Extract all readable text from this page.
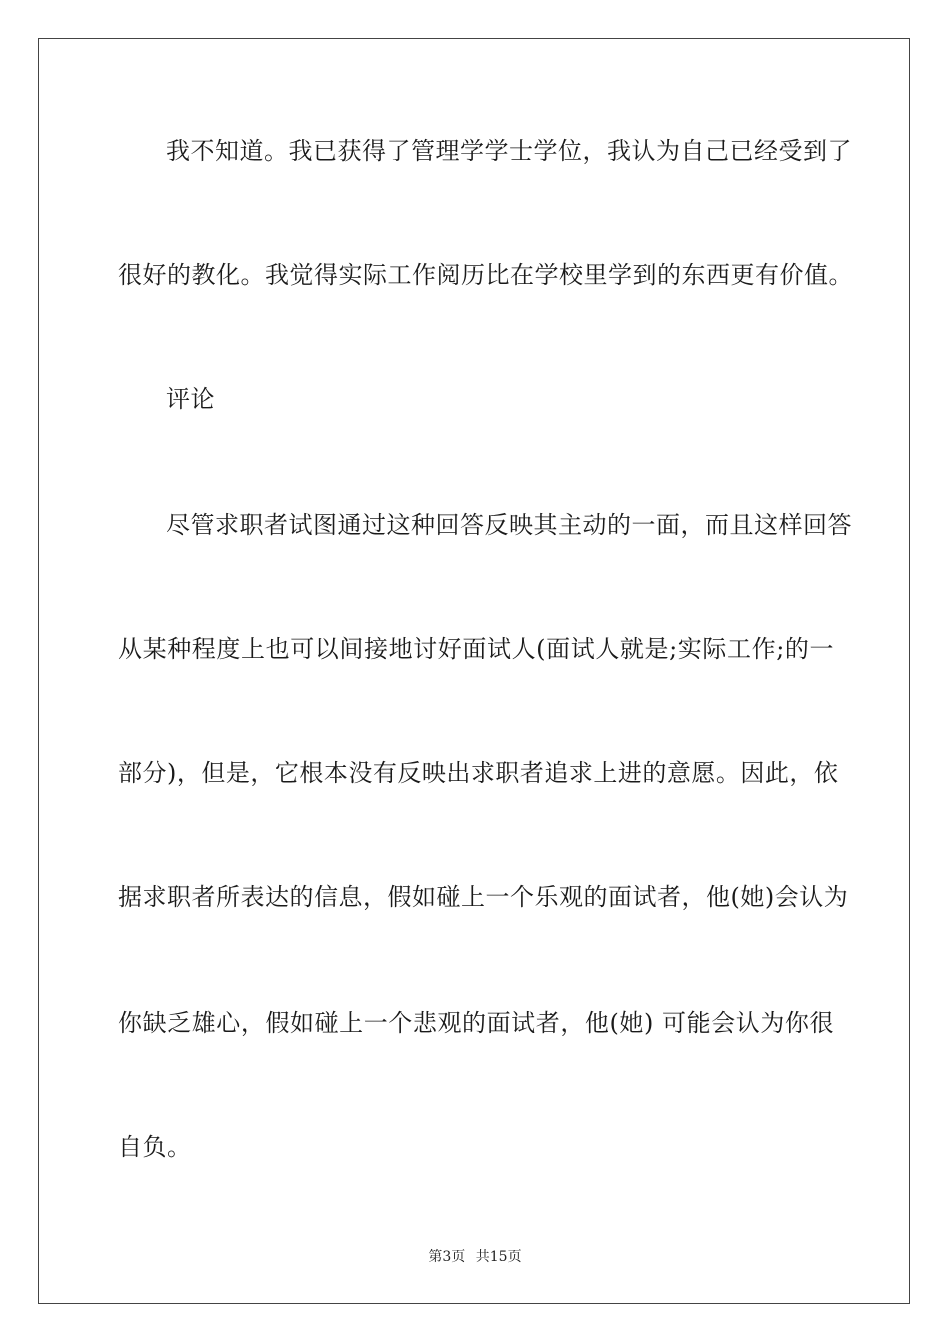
我不知道。我已获得了管理学学士学位，我认为自己已经受到了
很好的教化。我觉得实际工作阅历比在学校里学到的东西更有价值。
评论
尽管求职者试图通过这种回答反映其主动的一面，而且这样回答
从某种程度上也可以间接地讨好面试人(面试人就是;实际工作;的一
部分)，但是，它根本没有反映出求职者追求上进的意愿。因此，依
据求职者所表达的信息，假如碰上一个乐观的面试者，他(她)会认为
你缺乏雄心，假如碰上一个悲观的面试者，他(她) 可能会认为你很
自负。
第3页 共15页
